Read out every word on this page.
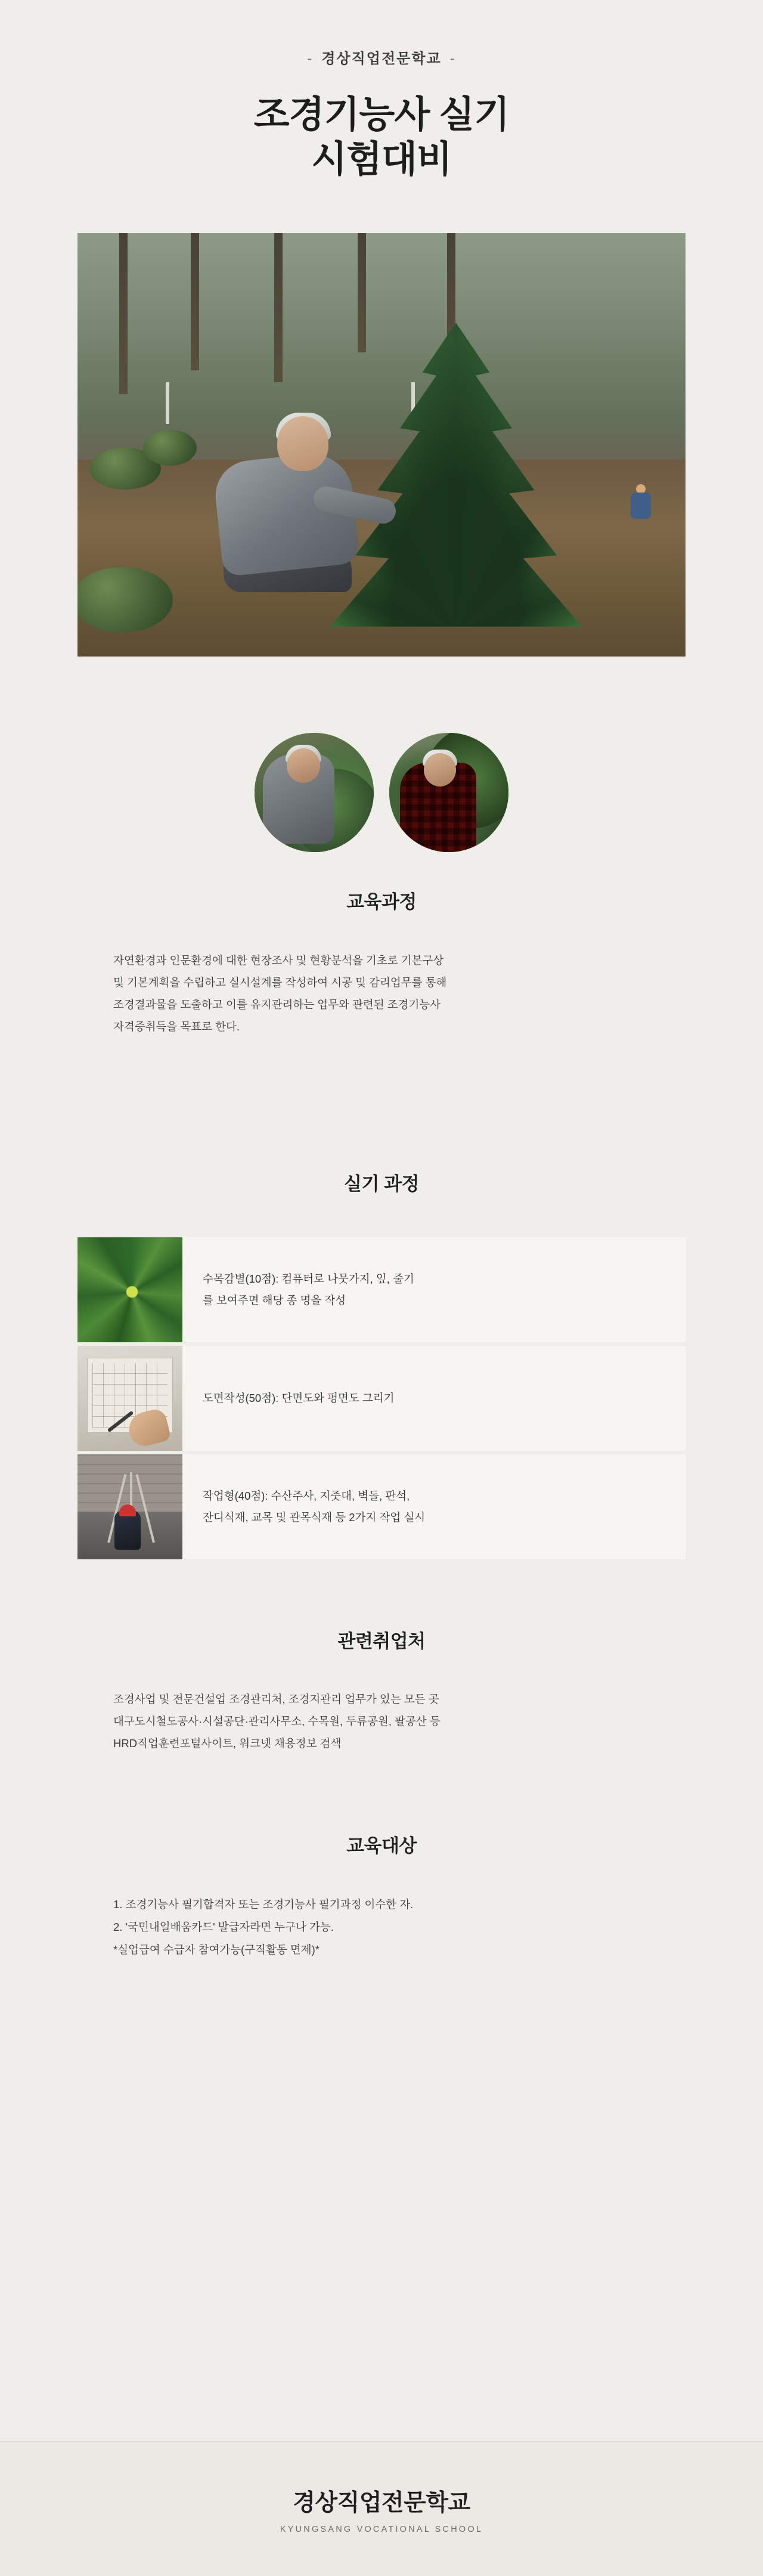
- 경상직업전문학교 -
조경기능사 실기
시험대비
교육과정

자연환경과 인문환경에 대한 현장조사 및 현황분석을 기초로 기본구상

및 기본계획을 수립하고 실시설계를 작성하여 시공 및 감리업무를 통해

조경결과물을 도출하고 이를 유지관리하는 업무와 관련된 조경기능사

자격증취득을 목표로 한다.

실기 과정
수목감별(10점): 컴퓨터로 나뭇가지, 잎, 줄기
를 보여주면 해당 종 명을 작성
도면작성(50점): 단면도와 평면도 그리기
작업형(40점): 수산주사, 지줏대, 벽돌, 판석,
잔디식재, 교목 및 관목식재 등 2가지 작업 실시
관련취업처

조경사업 및 전문건설업 조경관리처, 조경지관리 업무가 있는 모든 곳

대구도시철도공사·시설공단·관리사무소, 수목원, 두류공원, 팔공산 등

HRD직업훈련포털사이트, 워크넷 채용정보 검색

교육대상

1. 조경기능사 필기합격자 또는 조경기능사 필기과정 이수한 자.

2. '국민내일배움카드' 발급자라면 누구나 가능.

*실업급여 수급자 참여가능(구직활동 면제)*

경상직업전문학교
KYUNGSANG VOCATIONAL SCHOOL
